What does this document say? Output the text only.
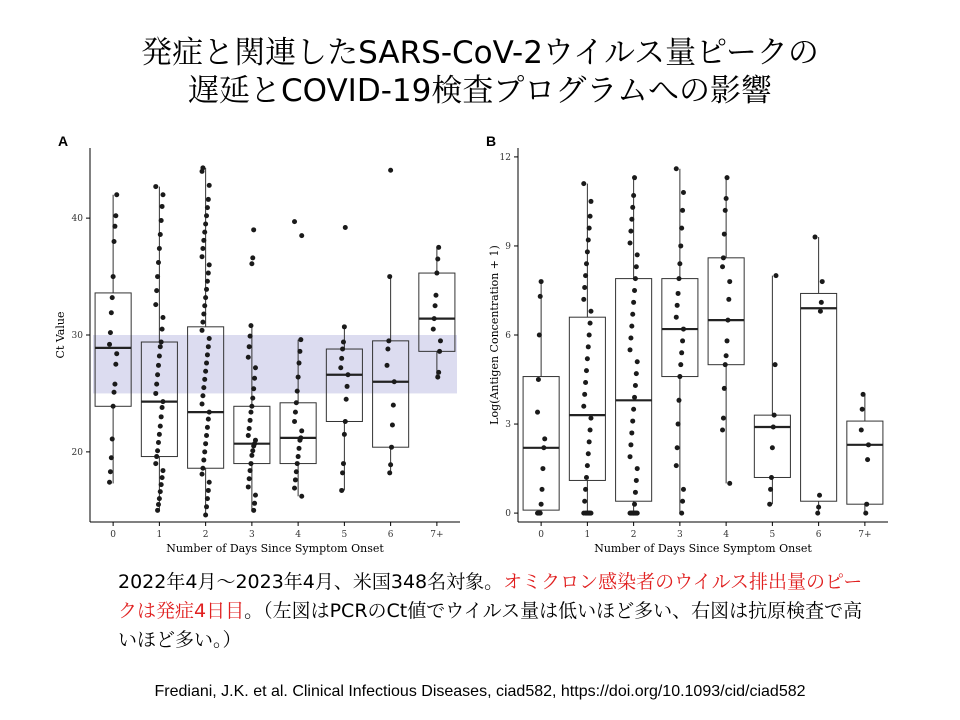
発症と関連したSARS-CoV-2ウイルス量ピークの
遅延とCOVID-19検査プログラムへの影響
A
20
30
40
0	1	2	3	4	5	6	7+
Number of Days Since Symptom Onset
Ct Value
B
0
3
6
9
12
0	1	2	3	4	5	6	7+
Number of Days Since Symptom Onset
Log(Antigen Concentration + 1)
2022年4月～2023年4月、米国348名対象。オミクロン感染者のウイルス排出量のピークは発症4日目。（左図はPCRのCt値でウイルス量は低いほど多い、右図は抗原検査で高いほど多い。）
Frediani, J.K. et al. Clinical Infectious Diseases, ciad582, https://doi.org/10.1093/cid/ciad582
